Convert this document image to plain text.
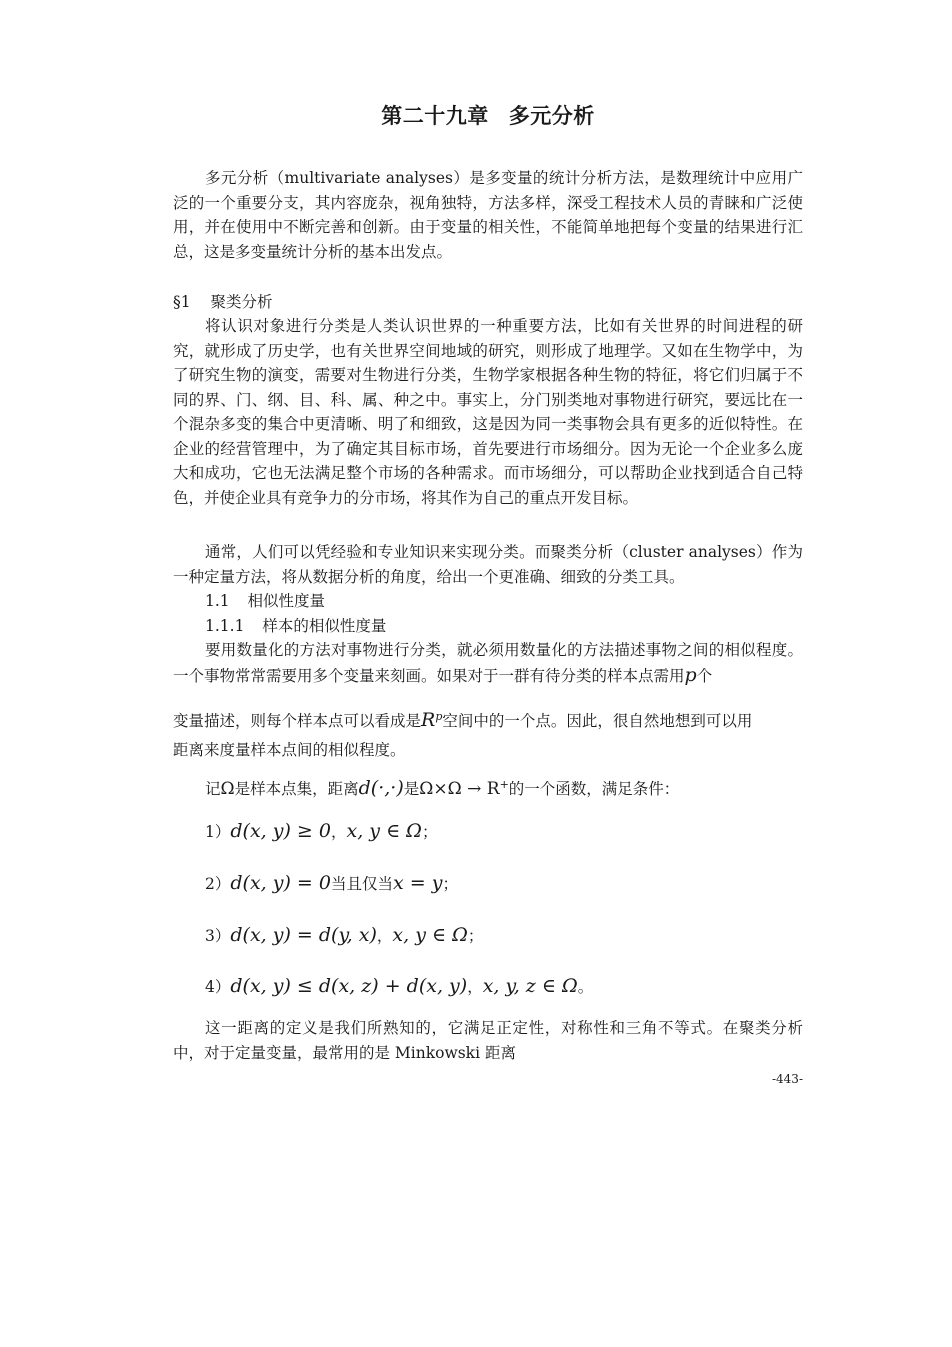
第二十九章 多元分析

多元分析（multivariate analyses）是多变量的统计分析方法，是数理统计中应用广泛的一个重要分支，其内容庞杂，视角独特，方法多样，深受工程技术人员的青睐和广泛使用，并在使用中不断完善和创新。由于变量的相关性，不能简单地把每个变量的结果进行汇总，这是多变量统计分析的基本出发点。

§1 聚类分析

将认识对象进行分类是人类认识世界的一种重要方法，比如有关世界的时间进程的研究，就形成了历史学，也有关世界空间地域的研究，则形成了地理学。又如在生物学中，为了研究生物的演变，需要对生物进行分类，生物学家根据各种生物的特征，将它们归属于不同的界、门、纲、目、科、属、种之中。事实上，分门别类地对事物进行研究，要远比在一个混杂多变的集合中更清晰、明了和细致，这是因为同一类事物会具有更多的近似特性。在企业的经营管理中，为了确定其目标市场，首先要进行市场细分。因为无论一个企业多么庞大和成功，它也无法满足整个市场的各种需求。而市场细分，可以帮助企业找到适合自己特色，并使企业具有竞争力的分市场，将其作为自己的重点开发目标。

通常，人们可以凭经验和专业知识来实现分类。而聚类分析（cluster analyses）作为一种定量方法，将从数据分析的角度，给出一个更准确、细致的分类工具。

1.1 相似性度量
1.1.1 样本的相似性度量

要用数量化的方法对事物进行分类，就必须用数量化的方法描述事物之间的相似程度。一个事物常常需要用多个变量来刻画。如果对于一群有待分类的样本点需用p个

变量描述，则每个样本点可以看成是$R^p$空间中的一个点。因此，很自然地想到可以用

距离来度量样本点间的相似程度。

记Ω是样本点集，距离d(·,·)是Ω×Ω → R+的一个函数，满足条件：

1）d(x, y) ≥ 0，x, y ∈ Ω；

2）d(x, y) = 0当且仅当x = y；

3）d(x, y) = d(y, x)，x, y ∈ Ω；

4）d(x, y) ≤ d(x, z) + d(x, y)，x, y, z ∈ Ω。

这一距离的定义是我们所熟知的，它满足正定性，对称性和三角不等式。在聚类分析中，对于定量变量，最常用的是 Minkowski 距离

-443-
